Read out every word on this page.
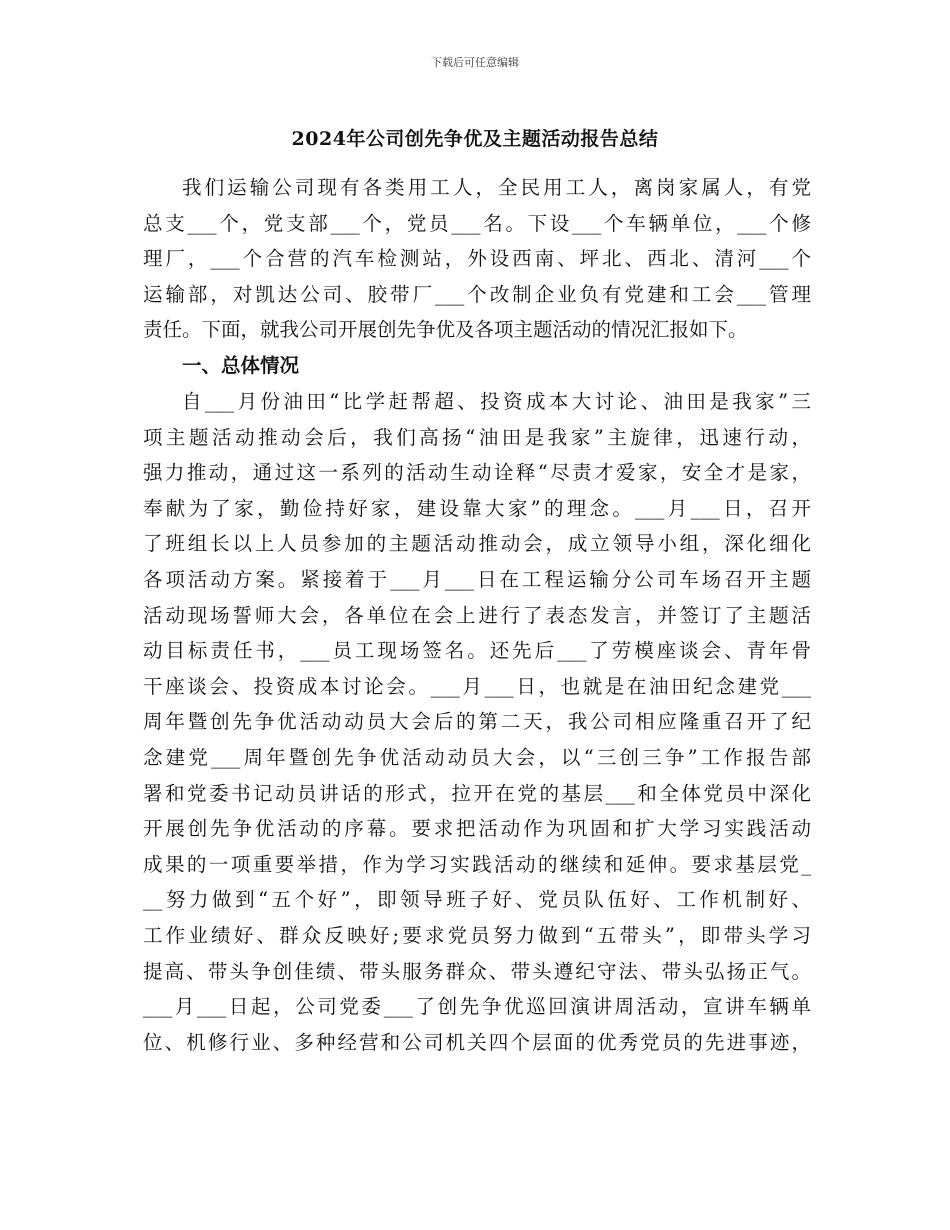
下载后可任意编辑
2024年公司创先争优及主题活动报告总结
我们运输公司现有各类用工人，全民用工人，离岗家属人，有党
总支___个，党支部___个，党员___名。下设___个车辆单位，___个修
理厂，___个合营的汽车检测站，外设西南、坪北、西北、清河___个
运输部，对凯达公司、胶带厂___个改制企业负有党建和工会___管理
责任。下面，就我公司开展创先争优及各项主题活动的情况汇报如下。
一、总体情况
自___月份油田“比学赶帮超、投资成本大讨论、油田是我家”三
项主题活动推动会后，我们高扬“油田是我家”主旋律，迅速行动，
强力推动，通过这一系列的活动生动诠释“尽责才爱家，安全才是家，
奉献为了家，勤俭持好家，建设靠大家”的理念。___月___日，召开
了班组长以上人员参加的主题活动推动会，成立领导小组，深化细化
各项活动方案。紧接着于___月___日在工程运输分公司车场召开主题
活动现场誓师大会，各单位在会上进行了表态发言，并签订了主题活
动目标责任书，___员工现场签名。还先后___了劳模座谈会、青年骨
干座谈会、投资成本讨论会。___月___日，也就是在油田纪念建党___
周年暨创先争优活动动员大会后的第二天，我公司相应隆重召开了纪
念建党___周年暨创先争优活动动员大会，以“三创三争”工作报告部
署和党委书记动员讲话的形式，拉开在党的基层___和全体党员中深化
开展创先争优活动的序幕。要求把活动作为巩固和扩大学习实践活动
成果的一项重要举措，作为学习实践活动的继续和延伸。要求基层党_
__努力做到“五个好”，即领导班子好、党员队伍好、工作机制好、
工作业绩好、群众反映好;要求党员努力做到“五带头”，即带头学习
提高、带头争创佳绩、带头服务群众、带头遵纪守法、带头弘扬正气。
___月___日起，公司党委___了创先争优巡回演讲周活动，宣讲车辆单
位、机修行业、多种经营和公司机关四个层面的优秀党员的先进事迹，
